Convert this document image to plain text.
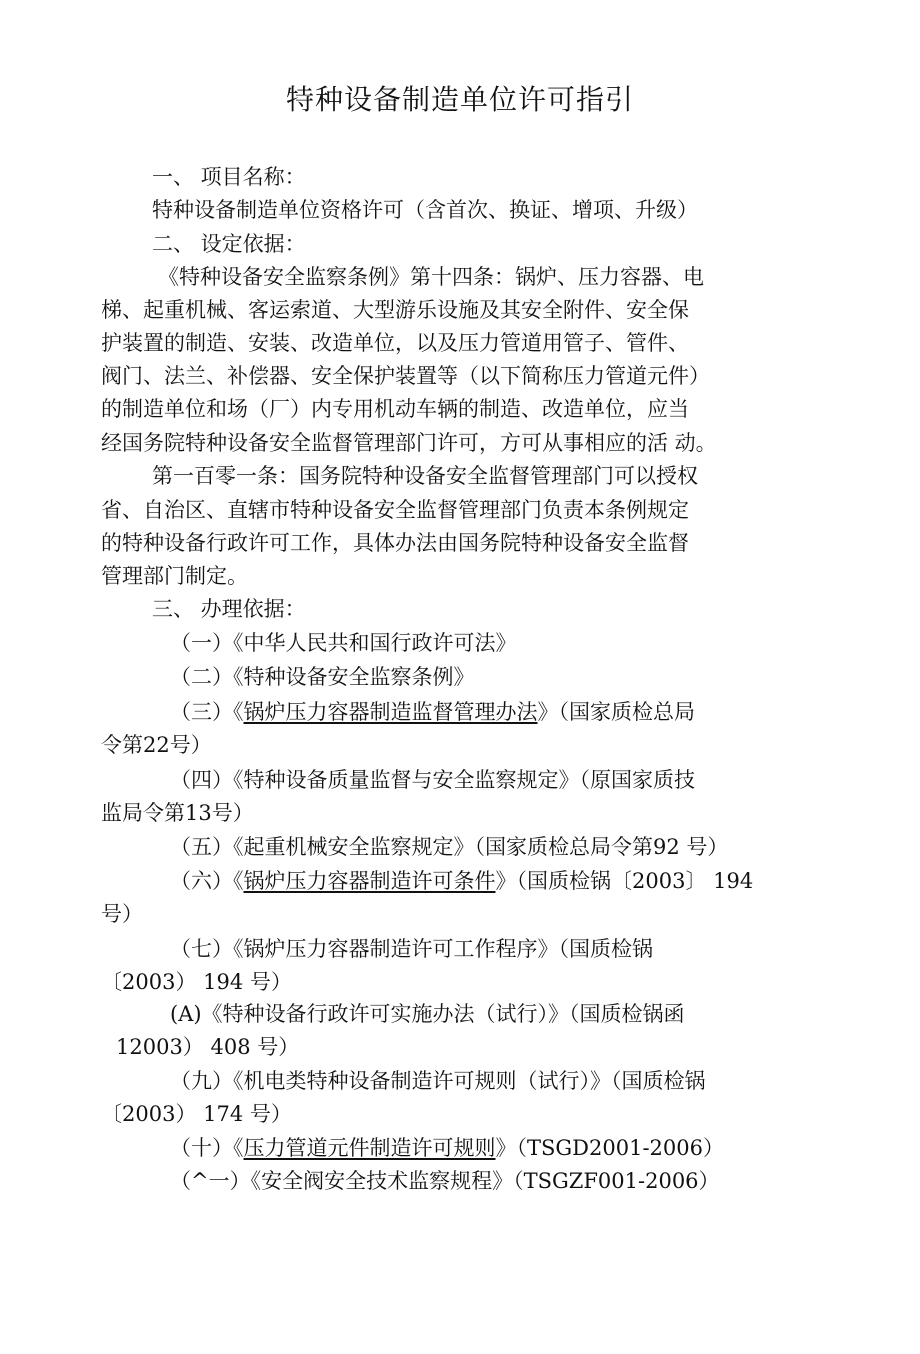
特种设备制造单位许可指引
一、 项目名称：
特种设备制造单位资格许可（含首次、换证、增项、升级）
二、 设定依据：
《特种设备安全监察条例》第十四条：锅炉、压力容器、电
梯、起重机械、客运索道、大型游乐设施及其安全附件、安全保
护装置的制造、安装、改造单位，以及压力管道用管子、管件、
阀门、法兰、补偿器、安全保护装置等（以下简称压力管道元件）
的制造单位和场（厂）内专用机动车辆的制造、改造单位，应当
经国务院特种设备安全监督管理部门许可，方可从事相应的活 动。
第一百零一条：国务院特种设备安全监督管理部门可以授权
省、自治区、直辖市特种设备安全监督管理部门负责本条例规定
的特种设备行政许可工作，具体办法由国务院特种设备安全监督
管理部门制定。
三、 办理依据：
（一）《中华人民共和国行政许可法》
（二）《特种设备安全监察条例》
（三）《锅炉压力容器制造监督管理办法》（国家质检总局
令第22号）
（四）《特种设备质量监督与安全监察规定》（原国家质技
监局令第13号）
（五）《起重机械安全监察规定》（国家质检总局令第92 号）
（六）《锅炉压力容器制造许可条件》（国质检锅〔2003〕 194
号）
（七）《锅炉压力容器制造许可工作程序》（国质检锅
〔2003） 194 号）
(A)《特种设备行政许可实施办法（试行）》（国质检锅函
12003） 408 号）
（九）《机电类特种设备制造许可规则（试行）》（国质检锅
〔2003） 174 号）
（十）《压力管道元件制造许可规则》（TSGD2001-2006）
（^一）《安全阀安全技术监察规程》（TSGZF001-2006）
